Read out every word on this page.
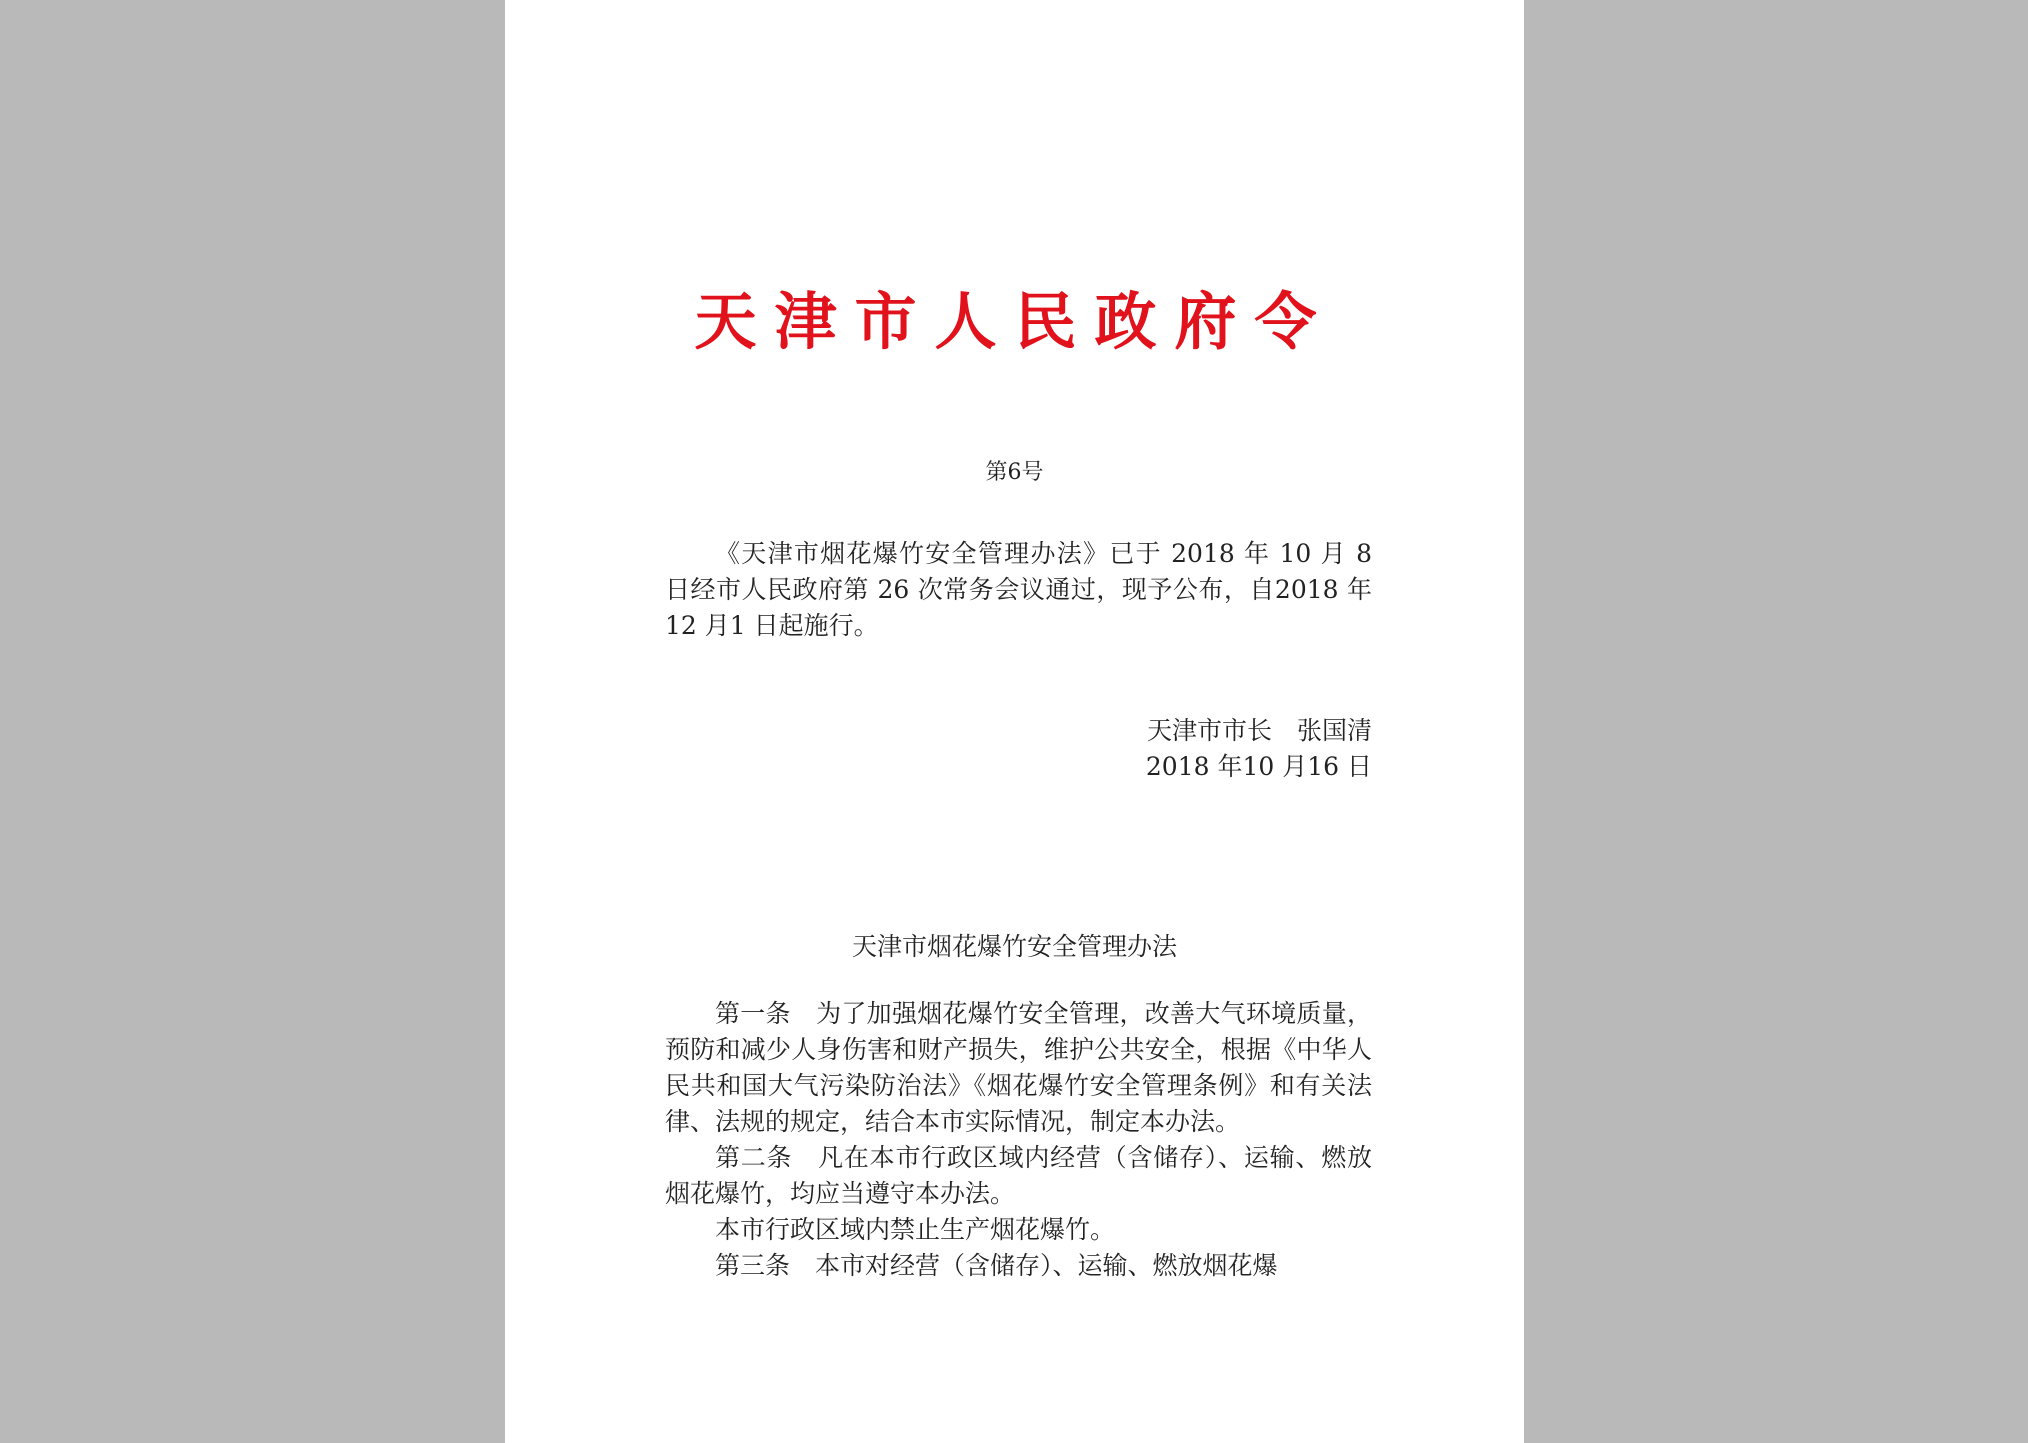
天津市人民政府令
第6号

《天津市烟花爆竹安全管理办法》已于 2018 年 10 月 8 日经市人民政府第 26 次常务会议通过，现予公布，自2018 年12 月1 日起施行。

天津市市长　张国清
2018 年10 月16 日
天津市烟花爆竹安全管理办法

第一条　为了加强烟花爆竹安全管理，改善大气环境质量，预防和减少人身伤害和财产损失，维护公共安全，根据《中华人民共和国大气污染防治法》《烟花爆竹安全管理条例》和有关法律、法规的规定，结合本市实际情况，制定本办法。

第二条　凡在本市行政区域内经营（含储存）、运输、燃放烟花爆竹，均应当遵守本办法。

本市行政区域内禁止生产烟花爆竹。

第三条　本市对经营（含储存）、运输、燃放烟花爆
